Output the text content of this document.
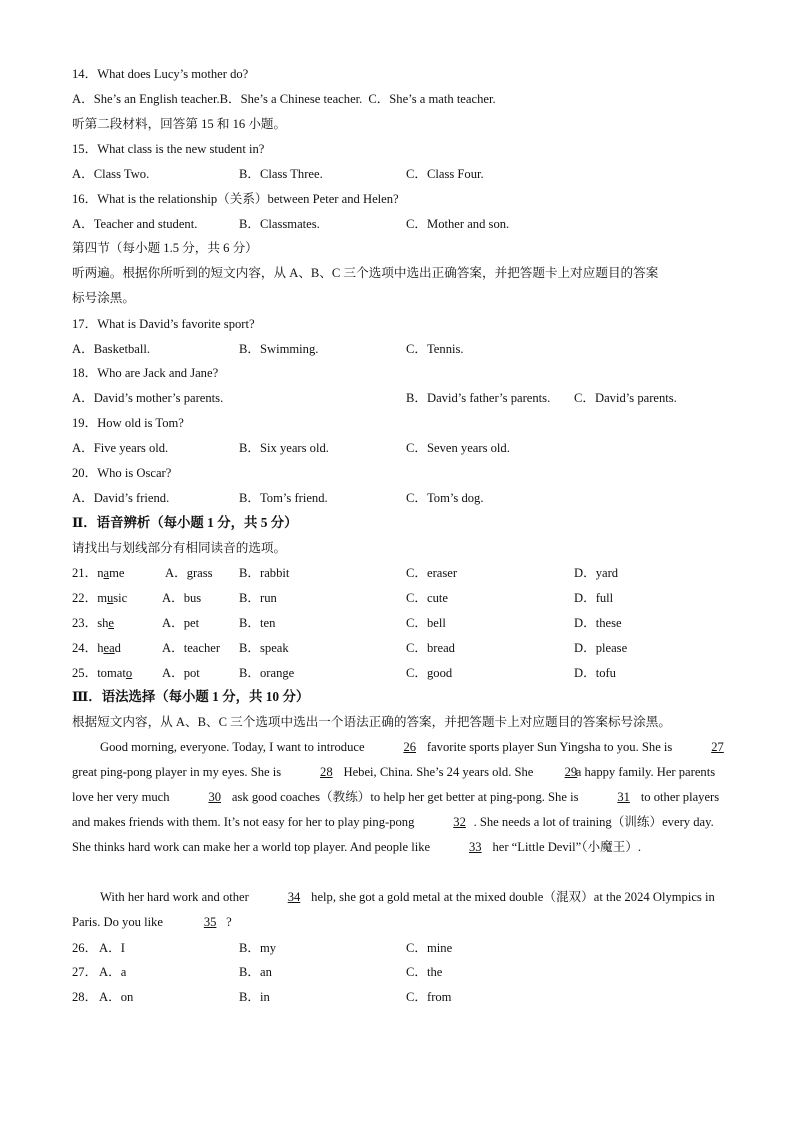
14．What does Lucy’s mother do?
A．She’s an English teacher.B．She’s a Chinese teacher. C．She’s a math teacher.
听第二段材料，回答第 15 和 16 小题。
15．What class is the new student in?
A．Class Two.	B．Class Three.	C．Class Four.
16．What is the relationship（关系）between Peter and Helen?
A．Teacher and student.	B．Classmates.	C．Mother and son.
第四节（每小题 1.5 分，共 6 分）
听两遍。根据你所听到的短文内容，从 A、B、C 三个选项中选出正确答案，并把答题卡上对应题目的答案
标号涂黑。
17．What is David’s favorite sport?
A．Basketball.	B．Swimming.	C．Tennis.
18．Who are Jack and Jane?
A．David’s mother’s parents.	B．David’s father’s parents. C．David’s parents.
19．How old is Tom?
A．Five years old.	B．Six years old.	C．Seven years old.
20．Who is Oscar?
A．David’s friend.	B．Tom’s friend.	C．Tom’s dog.
Ⅱ．语音辨析（每小题 1 分，共 5 分）
请找出与划线部分有相同读音的选项。
21．name	A．grass B．rabbit	C．eraser	D．yard
22．music	A．bus	B．run	C．cute	D．full
23．she	A．pet	B．ten	C．bell	D．these
24．head	A．teacher B．speak	C．bread	D．please
25．tomato A．pot	B．orange	C．good	D．tofu
Ⅲ．语法选择（每小题 1 分，共 10 分）
根据短文内容，从 A、B、C 三个选项中选出一个语法正确的答案，并把答题卡上对应题目的答案标号涂黑。
Good morning, everyone. Today, I want to introduce	26 favorite sports player Sun Yingsha to you. She is	27 great ping-pong player in my eyes. She is	28 Hebei, China. She’s 24 years old. She 29 a happy family. Her parents love her very much	30 ask good coaches（教练）to help her get better at ping-pong. She is	31 to other players and makes friends with them. It’s not easy for her to play ping-pong	32 . She needs a lot of training（训练）every day. She thinks hard work can make her a world top player. And people like	33 her “Little Devil”（小魔王）.
With her hard work and other	34 help, she got a gold metal at the mixed double（混双）at the 2024 Olympics in Paris. Do you like	35 ?
26． A．I	B．my	C．mine
27． A．a	B．an	C．the
28． A．on	B．in	C．from
